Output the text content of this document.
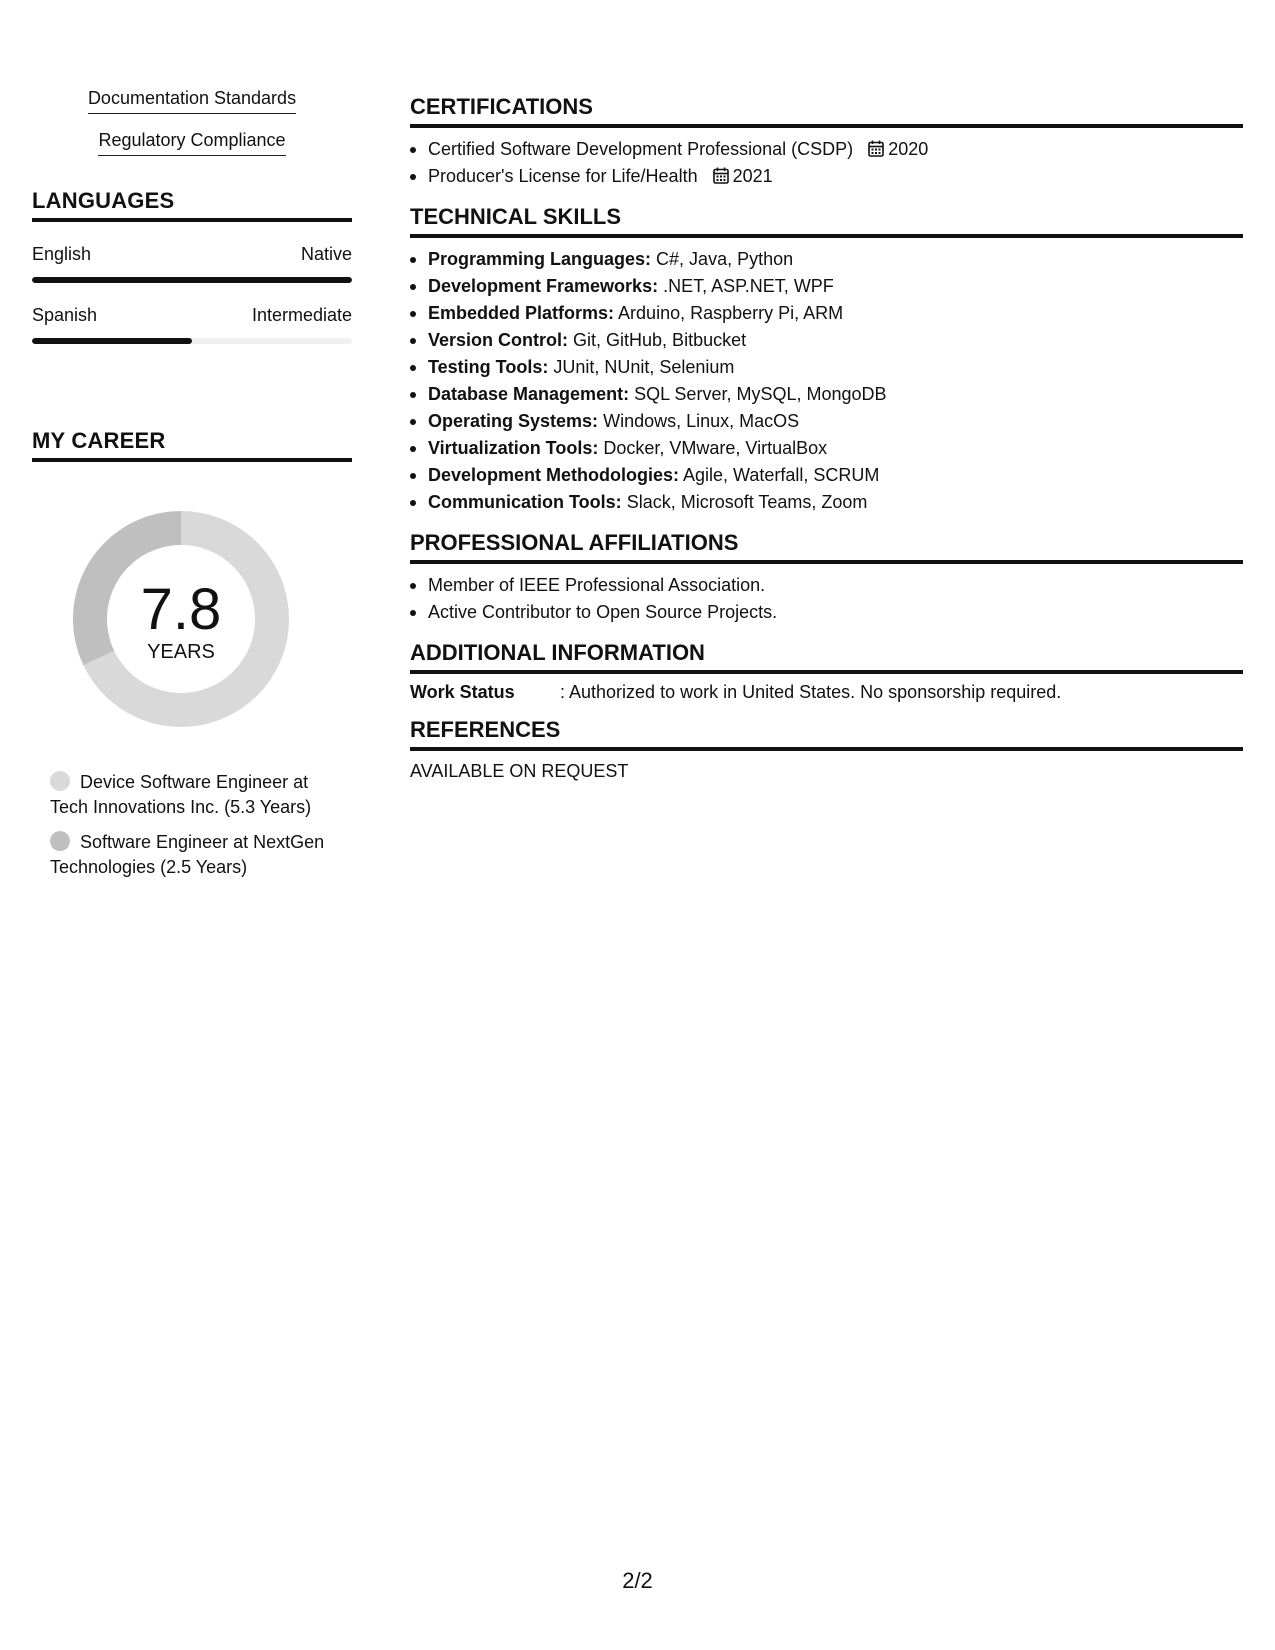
Documentation Standards
Regulatory Compliance
LANGUAGES
English	Native
Spanish	Intermediate
MY CAREER
7.8
YEARS
Device Software Engineer at Tech Innovations Inc. (5.3 Years)
Software Engineer at NextGen Technologies (2.5 Years)
CERTIFICATIONS
Certified Software Development Professional (CSDP) 2020
Producer's License for Life/Health 2021
TECHNICAL SKILLS
Programming Languages: C#, Java, Python
Development Frameworks: .NET, ASP.NET, WPF
Embedded Platforms: Arduino, Raspberry Pi, ARM
Version Control: Git, GitHub, Bitbucket
Testing Tools: JUnit, NUnit, Selenium
Database Management: SQL Server, MySQL, MongoDB
Operating Systems: Windows, Linux, MacOS
Virtualization Tools: Docker, VMware, VirtualBox
Development Methodologies: Agile, Waterfall, SCRUM
Communication Tools: Slack, Microsoft Teams, Zoom
PROFESSIONAL AFFILIATIONS
Member of IEEE Professional Association.
Active Contributor to Open Source Projects.
ADDITIONAL INFORMATION
Work Status	: Authorized to work in United States. No sponsorship required.
REFERENCES
AVAILABLE ON REQUEST
2/2
